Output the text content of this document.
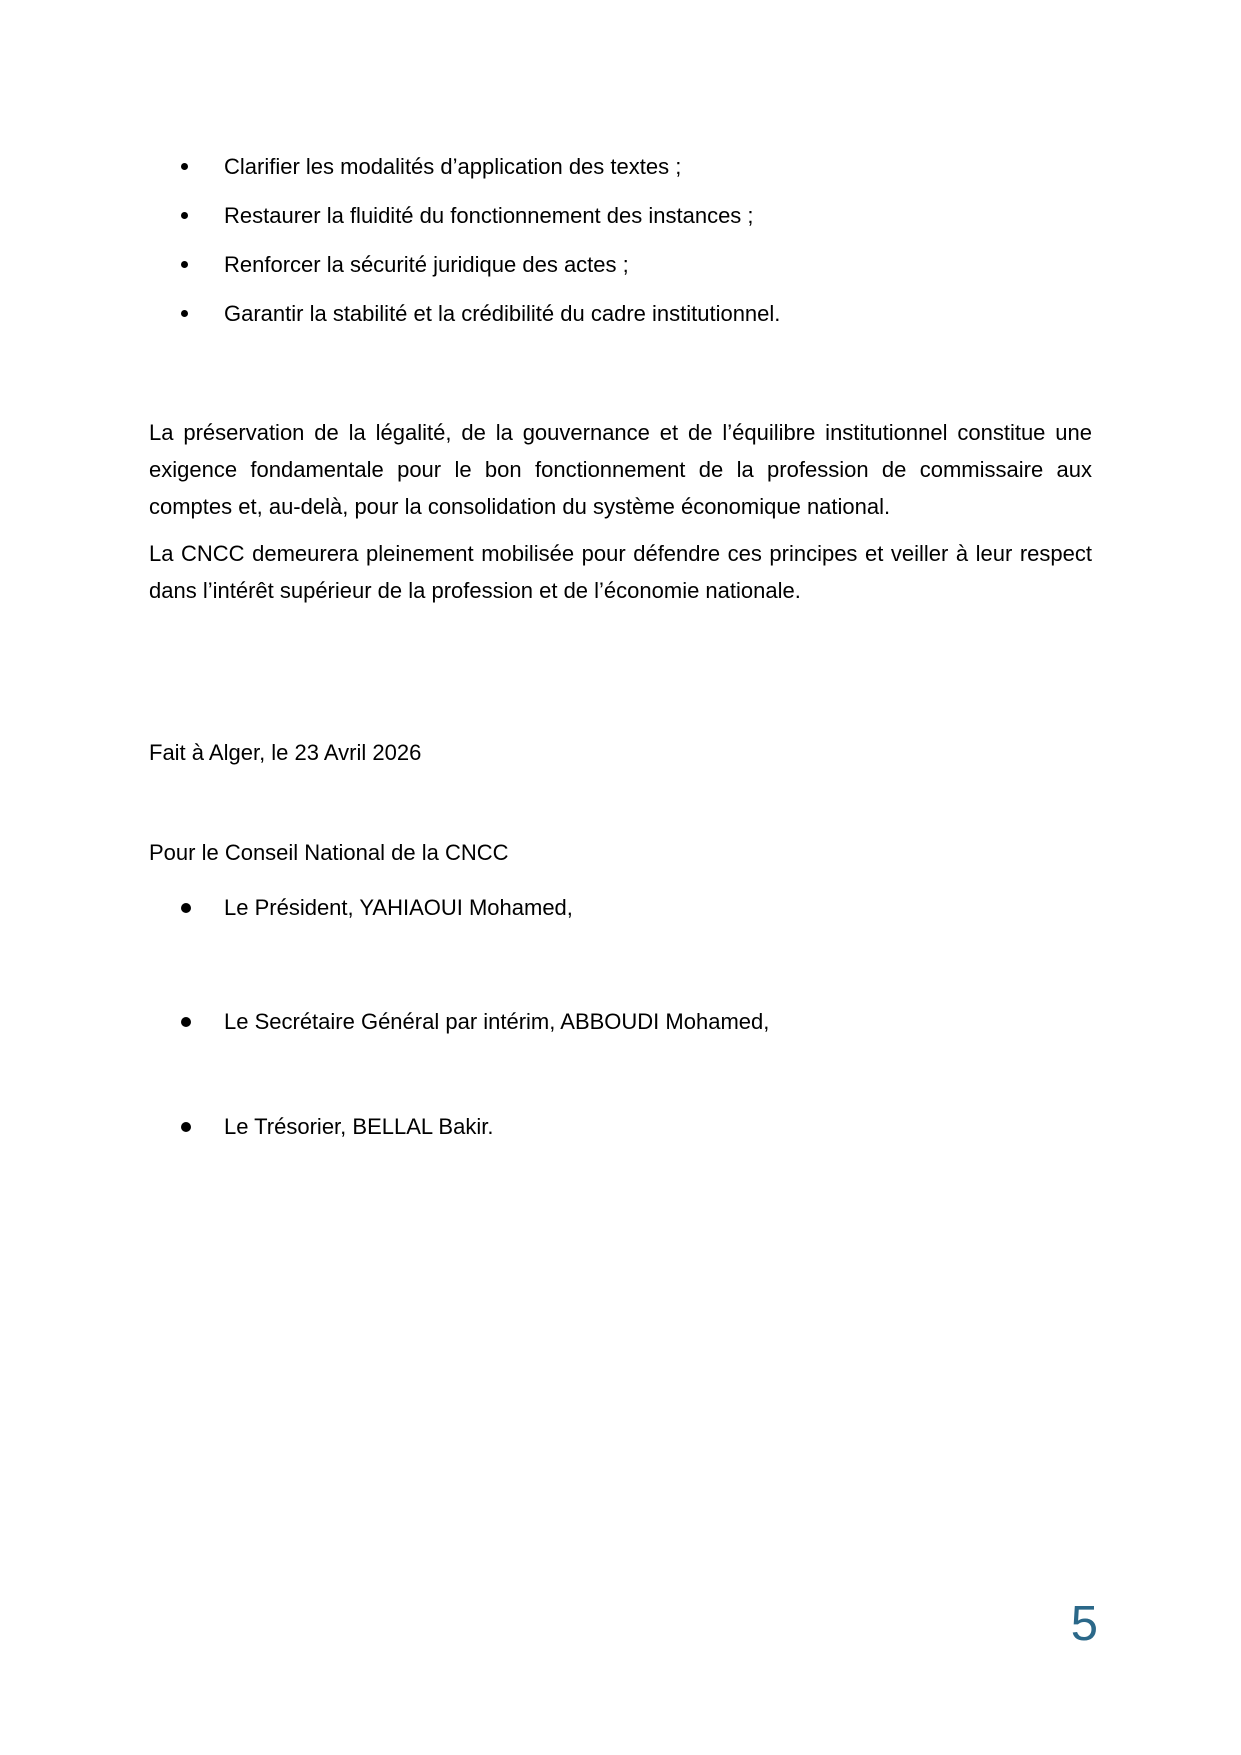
Clarifier les modalités d’application des textes ;
Restaurer la fluidité du fonctionnement des instances ;
Renforcer la sécurité juridique des actes ;
Garantir la stabilité et la crédibilité du cadre institutionnel.

La préservation de la légalité, de la gouvernance et de l’équilibre institutionnel constitue une exigence fondamentale pour le bon fonctionnement de la profession de commissaire aux comptes et, au-delà, pour la consolidation du système économique national.

La CNCC demeurera pleinement mobilisée pour défendre ces principes et veiller à leur respect dans l’intérêt supérieur de la profession et de l’économie nationale.

Fait à Alger, le 23 Avril 2026

Pour le Conseil National de la CNCC

Le Président, YAHIAOUI Mohamed,
Le Secrétaire Général par intérim, ABBOUDI Mohamed,
Le Trésorier, BELLAL Bakir.
5
